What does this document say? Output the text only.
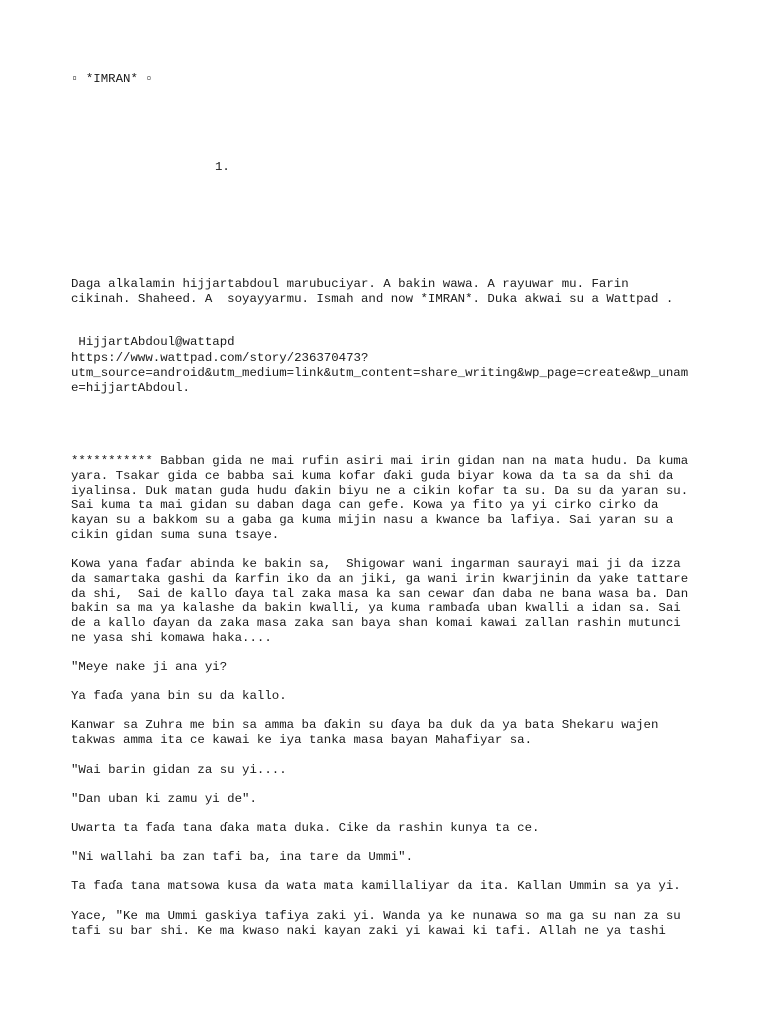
▫ *IMRAN* ▫
1.
Daga alkalamin hijjartabdoul marubuciyar. A bakin wawa. A rayuwar mu. Farin
cikinah. Shaheed. A  soyayyarmu. Ismah and now *IMRAN*. Duka akwai su a Wattpad .
HijjartAbdoul@wattapd
https://www.wattpad.com/story/236370473?
utm_source=android&utm_medium=link&utm_content=share_writing&wp_page=create&wp_unam
e=hijjartAbdoul.
*********** Babban gida ne mai rufin asiri mai irin gidan nan na mata hudu. Da kuma
yara. Tsakar gida ce babba sai kuma kofar ɗaki guda biyar kowa da ta sa da shi da
iyalinsa. Duk matan guda hudu ɗakin biyu ne a cikin kofar ta su. Da su da yaran su.
Sai kuma ta mai gidan su daban daga can gefe. Kowa ya fito ya yi cirko cirko da
kayan su a bakkom su a gaba ga kuma mijin nasu a kwance ba lafiya. Sai yaran su a
cikin gidan suma suna tsaye.
Kowa yana faɗar abinda ke bakin sa,  Shigowar wani ingarman saurayi mai ji da izza
da samartaka gashi da ƙarfin iko da an jiki, ga wani irin kwarjinin da yake tattare
da shi,  Sai de kallo ɗaya tal zaka masa ka san cewar ɗan daba ne bana wasa ba. Dan
bakin sa ma ya kalashe da bakin kwalli, ya kuma rambaɗa uban kwalli a idan sa. Sai
de a kallo ɗayan da zaka masa zaka san baya shan komai kawai zallan rashin mutunci
ne yasa shi komawa haka....
"Meye nake ji ana yi?
Ya faɗa yana bin su da kallo.
Kanwar sa Zuhra me bin sa amma ba ɗakin su ɗaya ba duk da ya bata Shekaru wajen
takwas amma ita ce kawai ke iya tanka masa bayan Mahafiyar sa.
"Wai barin gidan za su yi....
"Dan uban ki zamu yi de".
Uwarta ta faɗa tana ɗaka mata duka. Cike da rashin kunya ta ce.
"Ni wallahi ba zan tafi ba, ina tare da Ummi".
Ta faɗa tana matsowa kusa da wata mata kamillaliyar da ita. Kallan Ummin sa ya yi.
Yace, "Ke ma Ummi gaskiya tafiya zaki yi. Wanda ya ke nunawa so ma ga su nan za su
tafi su bar shi. Ke ma kwaso naki kayan zaki yi kawai ki tafi. Allah ne ya tashi
